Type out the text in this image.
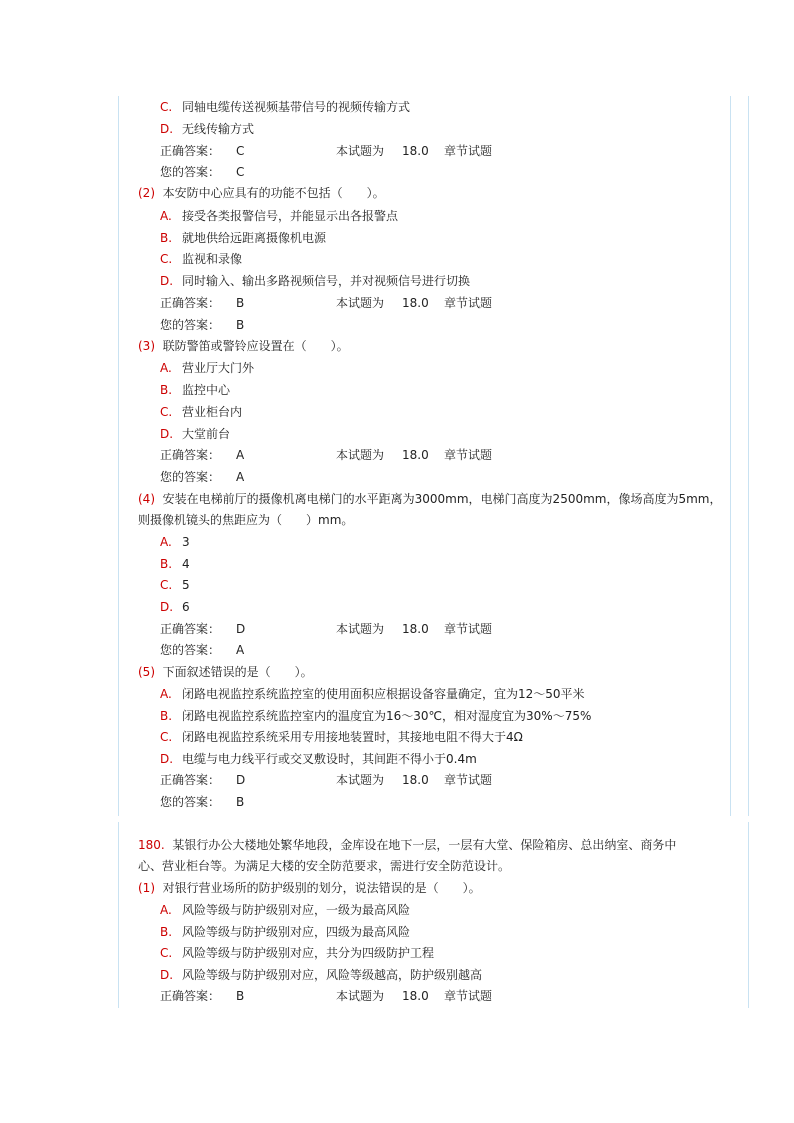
C. 同轴电缆传送视频基带信号的视频传输方式
D. 无线传输方式
正确答案： C	本试题为 18.0 章节试题
您的答案： C
(2) 本安防中心应具有的功能不包括（　　）。
A. 接受各类报警信号，并能显示出各报警点
B. 就地供给远距离摄像机电源
C. 监视和录像
D. 同时输入、输出多路视频信号，并对视频信号进行切换
正确答案： B	本试题为 18.0 章节试题
您的答案： B
(3) 联防警笛或警铃应设置在（　　）。
A. 营业厅大门外
B. 监控中心
C. 营业柜台内
D. 大堂前台
正确答案： A	本试题为 18.0 章节试题
您的答案： A
(4) 安装在电梯前厅的摄像机离电梯门的水平距离为3000mm，电梯门高度为2500mm，像场高度为5mm，
则摄像机镜头的焦距应为（　　）mm。
A. 3
B. 4
C. 5
D. 6
正确答案： D	本试题为 18.0 章节试题
您的答案： A
(5) 下面叙述错误的是（　　）。
A. 闭路电视监控系统监控室的使用面积应根据设备容量确定，宜为12～50平米
B. 闭路电视监控系统监控室内的温度宜为16～30℃，相对湿度宜为30%～75%
C. 闭路电视监控系统采用专用接地装置时，其接地电阻不得大于4Ω
D. 电缆与电力线平行或交叉敷设时，其间距不得小于0.4m
正确答案： D	本试题为 18.0 章节试题
您的答案： B
180. 某银行办公大楼地处繁华地段，金库设在地下一层，一层有大堂、保险箱房、总出纳室、商务中
心、营业柜台等。为满足大楼的安全防范要求，需进行安全防范设计。
(1) 对银行营业场所的防护级别的划分，说法错误的是（　　）。
A. 风险等级与防护级别对应，一级为最高风险
B. 风险等级与防护级别对应，四级为最高风险
C. 风险等级与防护级别对应，共分为四级防护工程
D. 风险等级与防护级别对应，风险等级越高，防护级别越高
正确答案： B	本试题为 18.0 章节试题
